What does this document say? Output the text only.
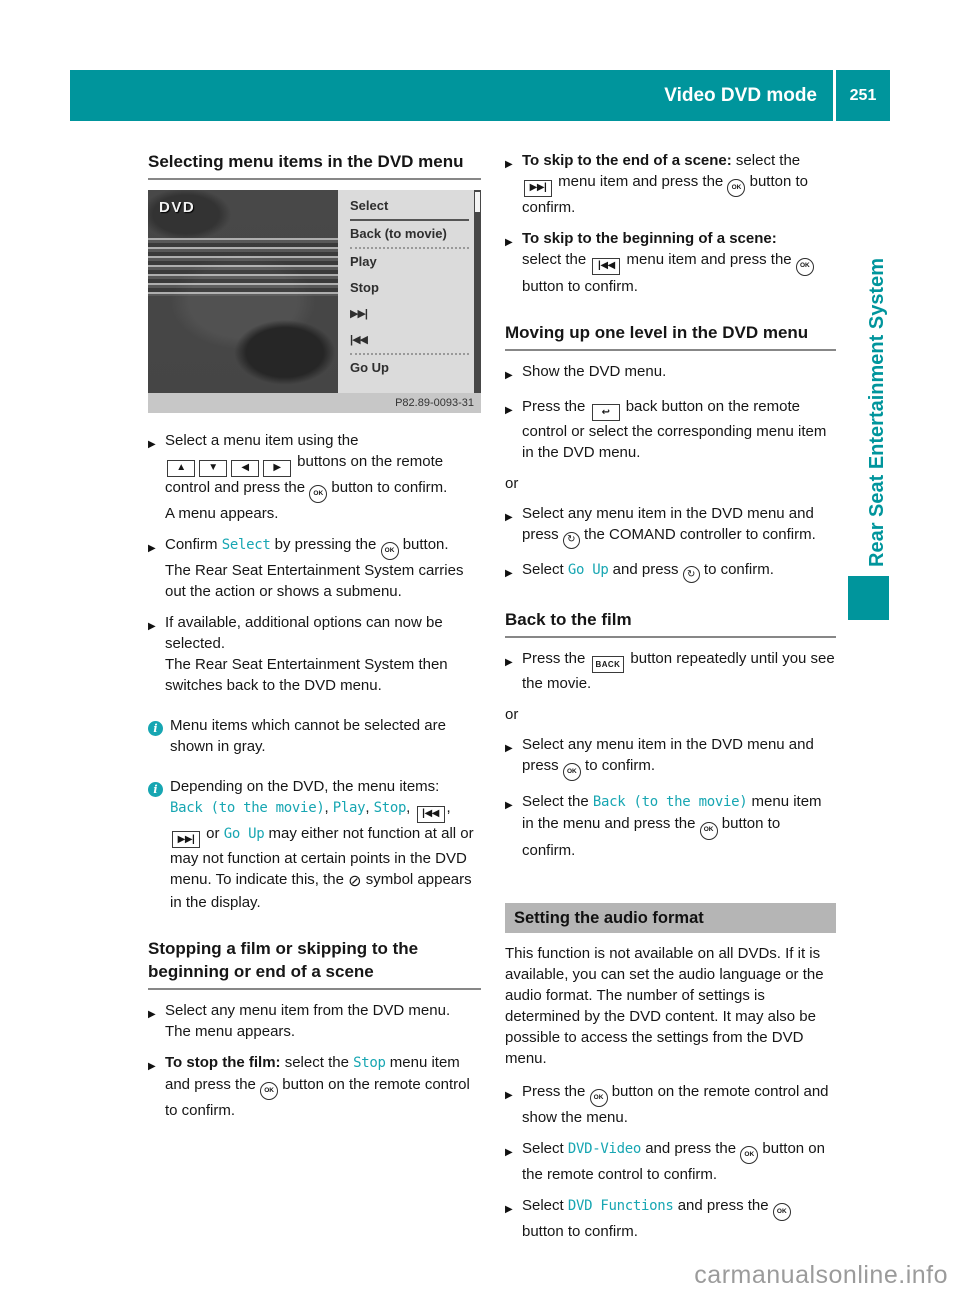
Video DVD mode	251
Selecting menu items in the DVD menu
DVD	Select
Back (to movie)
Play
Stop
▶▶|
|◀◀
Go Up
P82.89-0093-31
▶ Select a menu item using the
▲ ▼ ◀ ▶ buttons on the remote control and press the OK button to confirm.
A menu appears.
▶ Confirm Select by pressing the OK button.
The Rear Seat Entertainment System carries out the action or shows a submenu.
▶ If available, additional options can now be selected.
The Rear Seat Entertainment System then switches back to the DVD menu.
i Menu items which cannot be selected are shown in gray.
i Depending on the DVD, the menu items: Back (to the movie), Play, Stop, |◀◀ , ▶▶| or Go Up may either not function at all or may not function at certain points in the DVD menu. To indicate this, the ⊘ symbol appears in the display.
Stopping a film or skipping to the beginning or end of a scene
▶ Select any menu item from the DVD menu.
The menu appears.
▶ To stop the film: select the Stop menu item and press the OK button on the remote control to confirm.
▶ To skip to the end of a scene: select the ▶▶| menu item and press the OK button to confirm.
▶ To skip to the beginning of a scene:
select the |◀◀ menu item and press the OK button to confirm.
Moving up one level in the DVD menu
▶ Show the DVD menu.
▶ Press the ↩ back button on the remote control or select the corresponding menu item in the DVD menu.
or
▶ Select any menu item in the DVD menu and press ↻ the COMAND controller to confirm.
▶ Select Go Up and press ↻ to confirm.
Back to the film
▶ Press the BACK button repeatedly until you see the movie.
or
▶ Select any menu item in the DVD menu and press OK to confirm.
▶ Select the Back (to the movie) menu item in the menu and press the OK button to confirm.
Setting the audio format

This function is not available on all DVDs. If it is available, you can set the audio language or the audio format. The number of settings is determined by the DVD content. It may also be possible to access the settings from the DVD menu.

▶ Press the OK button on the remote control and show the menu.
▶ Select DVD-Video and press the OK button on the remote control to confirm.
▶ Select DVD Functions and press the OK button to confirm.
Rear Seat Entertainment System
carmanualsonline.info
